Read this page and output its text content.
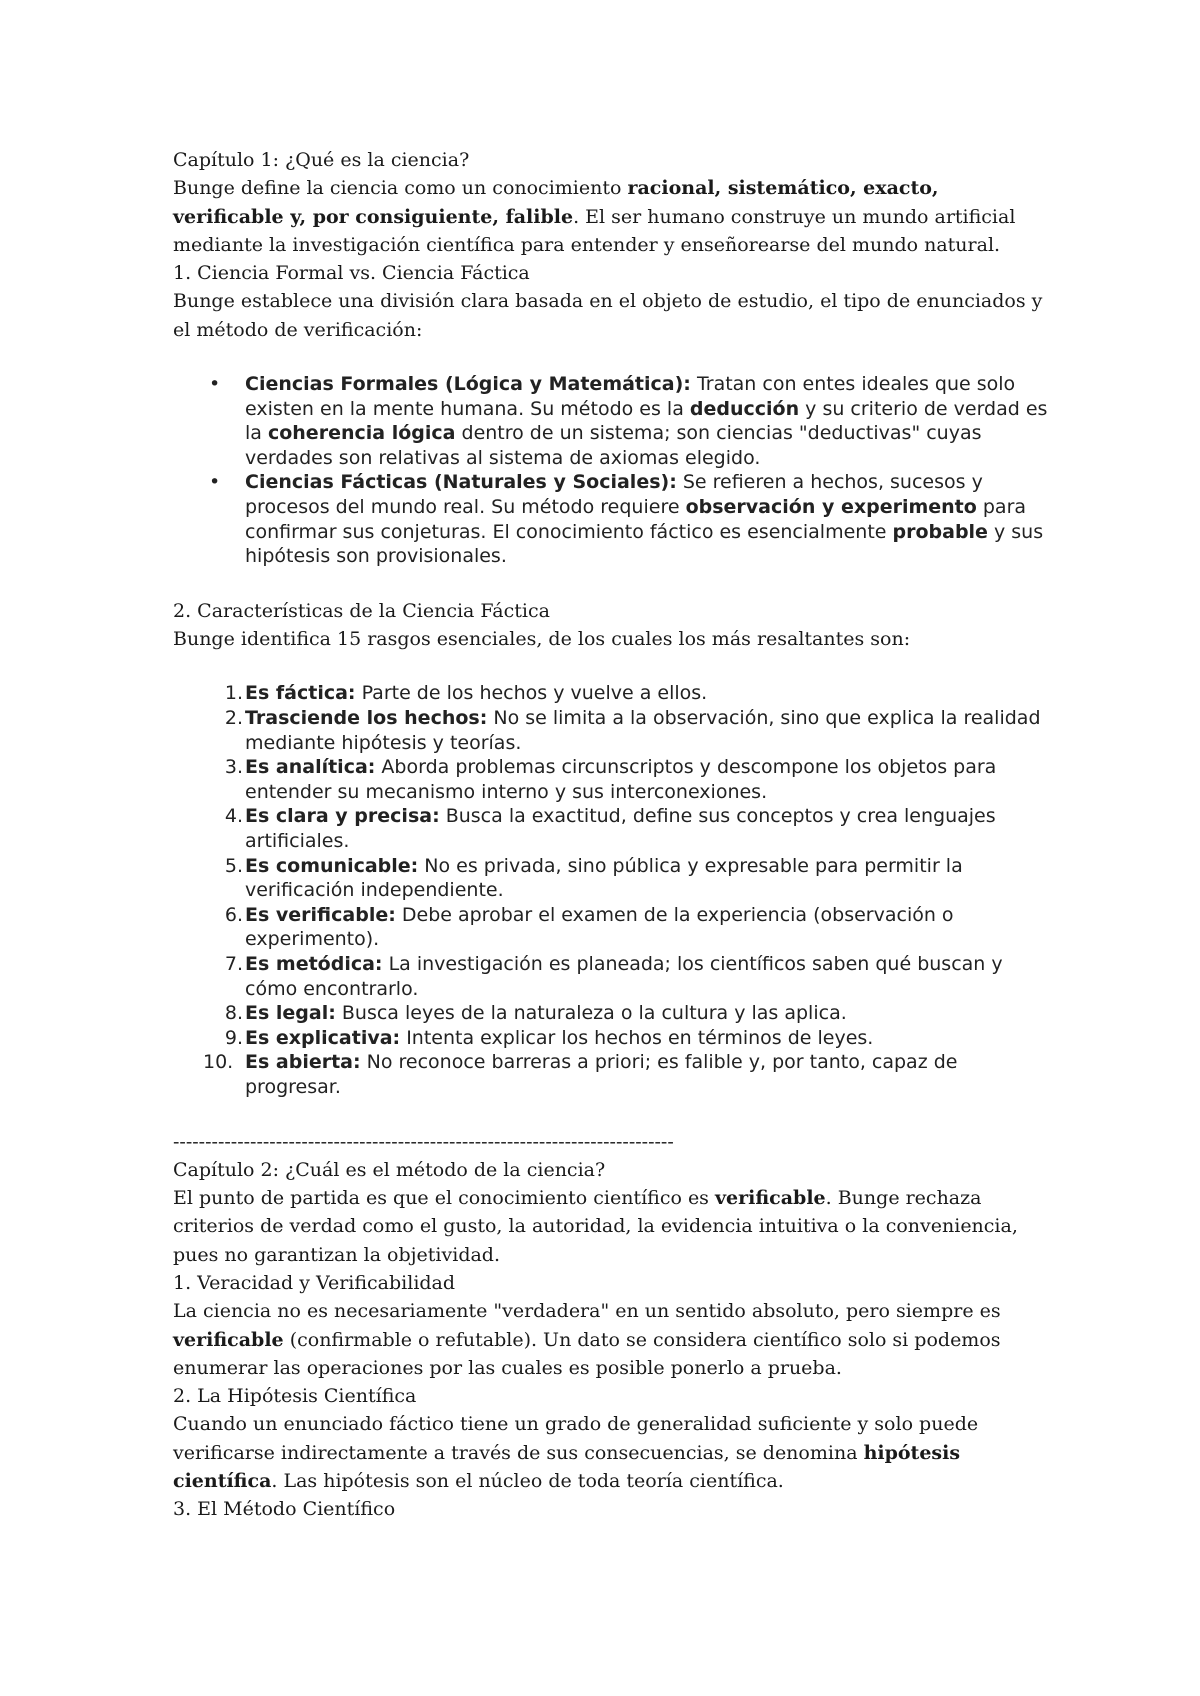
Capítulo 1: ¿Qué es la ciencia?

Bunge define la ciencia como un conocimiento racional, sistemático, exacto, verificable y, por consiguiente, falible. El ser humano construye un mundo artificial mediante la investigación científica para entender y enseñorearse del mundo natural.

1. Ciencia Formal vs. Ciencia Fáctica

Bunge establece una división clara basada en el objeto de estudio, el tipo de enunciados y el método de verificación:

• Ciencias Formales (Lógica y Matemática): Tratan con entes ideales que solo existen en la mente humana. Su método es la deducción y su criterio de verdad es la coherencia lógica dentro de un sistema; son ciencias "deductivas" cuyas verdades son relativas al sistema de axiomas elegido.
• Ciencias Fácticas (Naturales y Sociales): Se refieren a hechos, sucesos y procesos del mundo real. Su método requiere observación y experimento para confirmar sus conjeturas. El conocimiento fáctico es esencialmente probable y sus hipótesis son provisionales.

2. Características de la Ciencia Fáctica

Bunge identifica 15 rasgos esenciales, de los cuales los más resaltantes son:

1. Es fáctica: Parte de los hechos y vuelve a ellos.
2. Trasciende los hechos: No se limita a la observación, sino que explica la realidad mediante hipótesis y teorías.
3. Es analítica: Aborda problemas circunscriptos y descompone los objetos para entender su mecanismo interno y sus interconexiones.
4. Es clara y precisa: Busca la exactitud, define sus conceptos y crea lenguajes artificiales.
5. Es comunicable: No es privada, sino pública y expresable para permitir la verificación independiente.
6. Es verificable: Debe aprobar el examen de la experiencia (observación o experimento).
7. Es metódica: La investigación es planeada; los científicos saben qué buscan y cómo encontrarlo.
8. Es legal: Busca leyes de la naturaleza o la cultura y las aplica.
9. Es explicativa: Intenta explicar los hechos en términos de leyes.
10. Es abierta: No reconoce barreras a priori; es falible y, por tanto, capaz de progresar.

------------------------------------------------------------------------------

Capítulo 2: ¿Cuál es el método de la ciencia?

El punto de partida es que el conocimiento científico es verificable. Bunge rechaza criterios de verdad como el gusto, la autoridad, la evidencia intuitiva o la conveniencia, pues no garantizan la objetividad.

1. Veracidad y Verificabilidad

La ciencia no es necesariamente "verdadera" en un sentido absoluto, pero siempre es verificable (confirmable o refutable). Un dato se considera científico solo si podemos enumerar las operaciones por las cuales es posible ponerlo a prueba.

2. La Hipótesis Científica

Cuando un enunciado fáctico tiene un grado de generalidad suficiente y solo puede verificarse indirectamente a través de sus consecuencias, se denomina hipótesis científica. Las hipótesis son el núcleo de toda teoría científica.

3. El Método Científico
